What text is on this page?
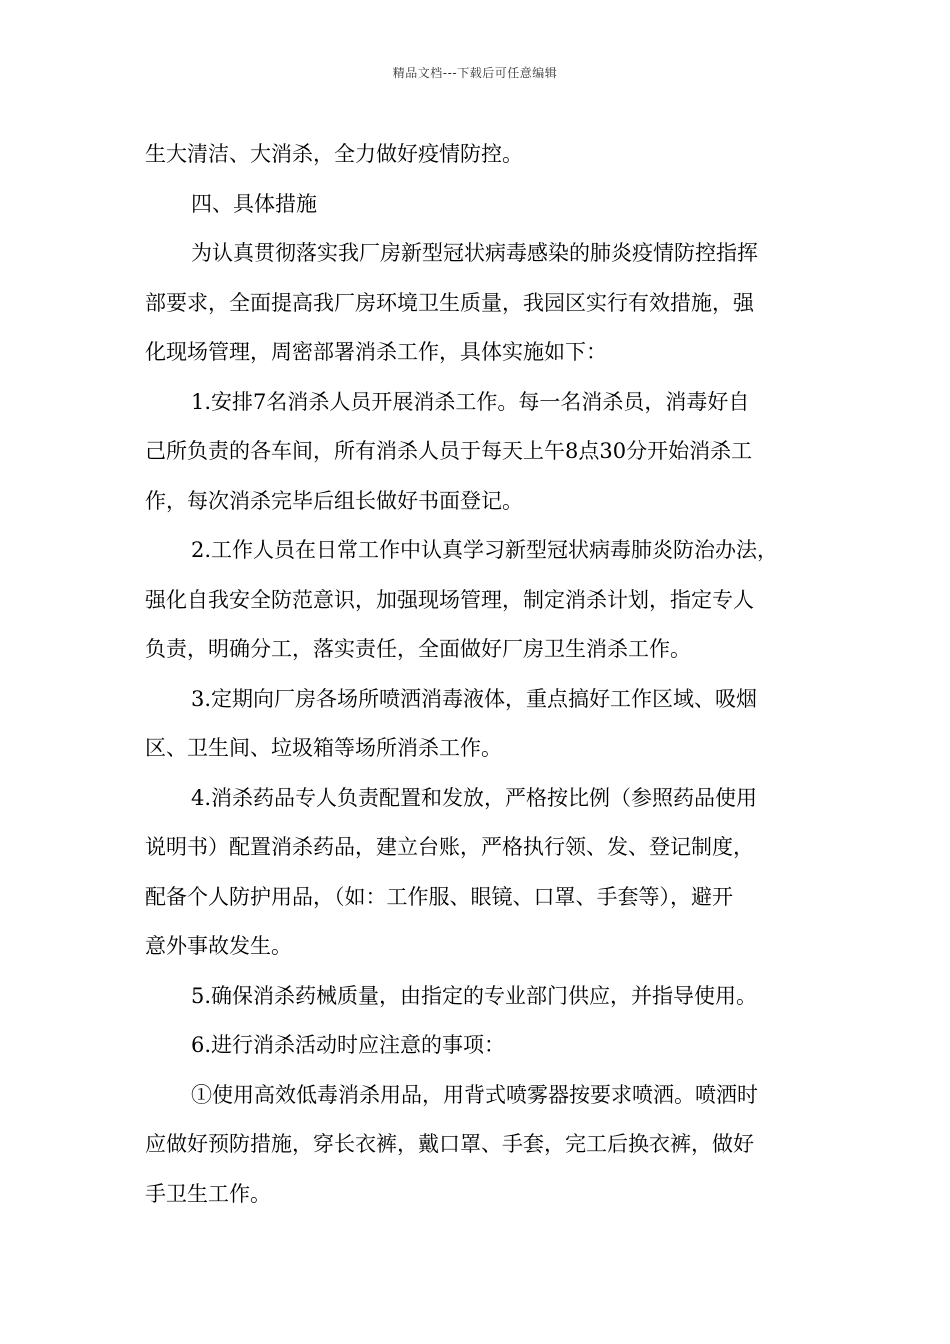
精品文档---下载后可任意编辑
生大清洁、大消杀，全力做好疫情防控。
四、具体措施
为认真贯彻落实我厂房新型冠状病毒感染的肺炎疫情防控指挥
部要求，全面提高我厂房环境卫生质量，我园区实行有效措施，强
化现场管理，周密部署消杀工作，具体实施如下：
1.安排7名消杀人员开展消杀工作。每一名消杀员，消毒好自
己所负责的各车间，所有消杀人员于每天上午8点30分开始消杀工
作，每次消杀完毕后组长做好书面登记。
2.工作人员在日常工作中认真学习新型冠状病毒肺炎防治办法，
强化自我安全防范意识，加强现场管理，制定消杀计划，指定专人
负责，明确分工，落实责任，全面做好厂房卫生消杀工作。
3.定期向厂房各场所喷洒消毒液体，重点搞好工作区域、吸烟
区、卫生间、垃圾箱等场所消杀工作。
4.消杀药品专人负责配置和发放，严格按比例（参照药品使用
说明书）配置消杀药品，建立台账，严格执行领、发、登记制度，
配备个人防护用品，（如：工作服、眼镜、口罩、手套等），避开
意外事故发生。
5.确保消杀药械质量，由指定的专业部门供应，并指导使用。
6.进行消杀活动时应注意的事项：
①使用高效低毒消杀用品，用背式喷雾器按要求喷洒。喷洒时
应做好预防措施，穿长衣裤，戴口罩、手套，完工后换衣裤，做好
手卫生工作。
